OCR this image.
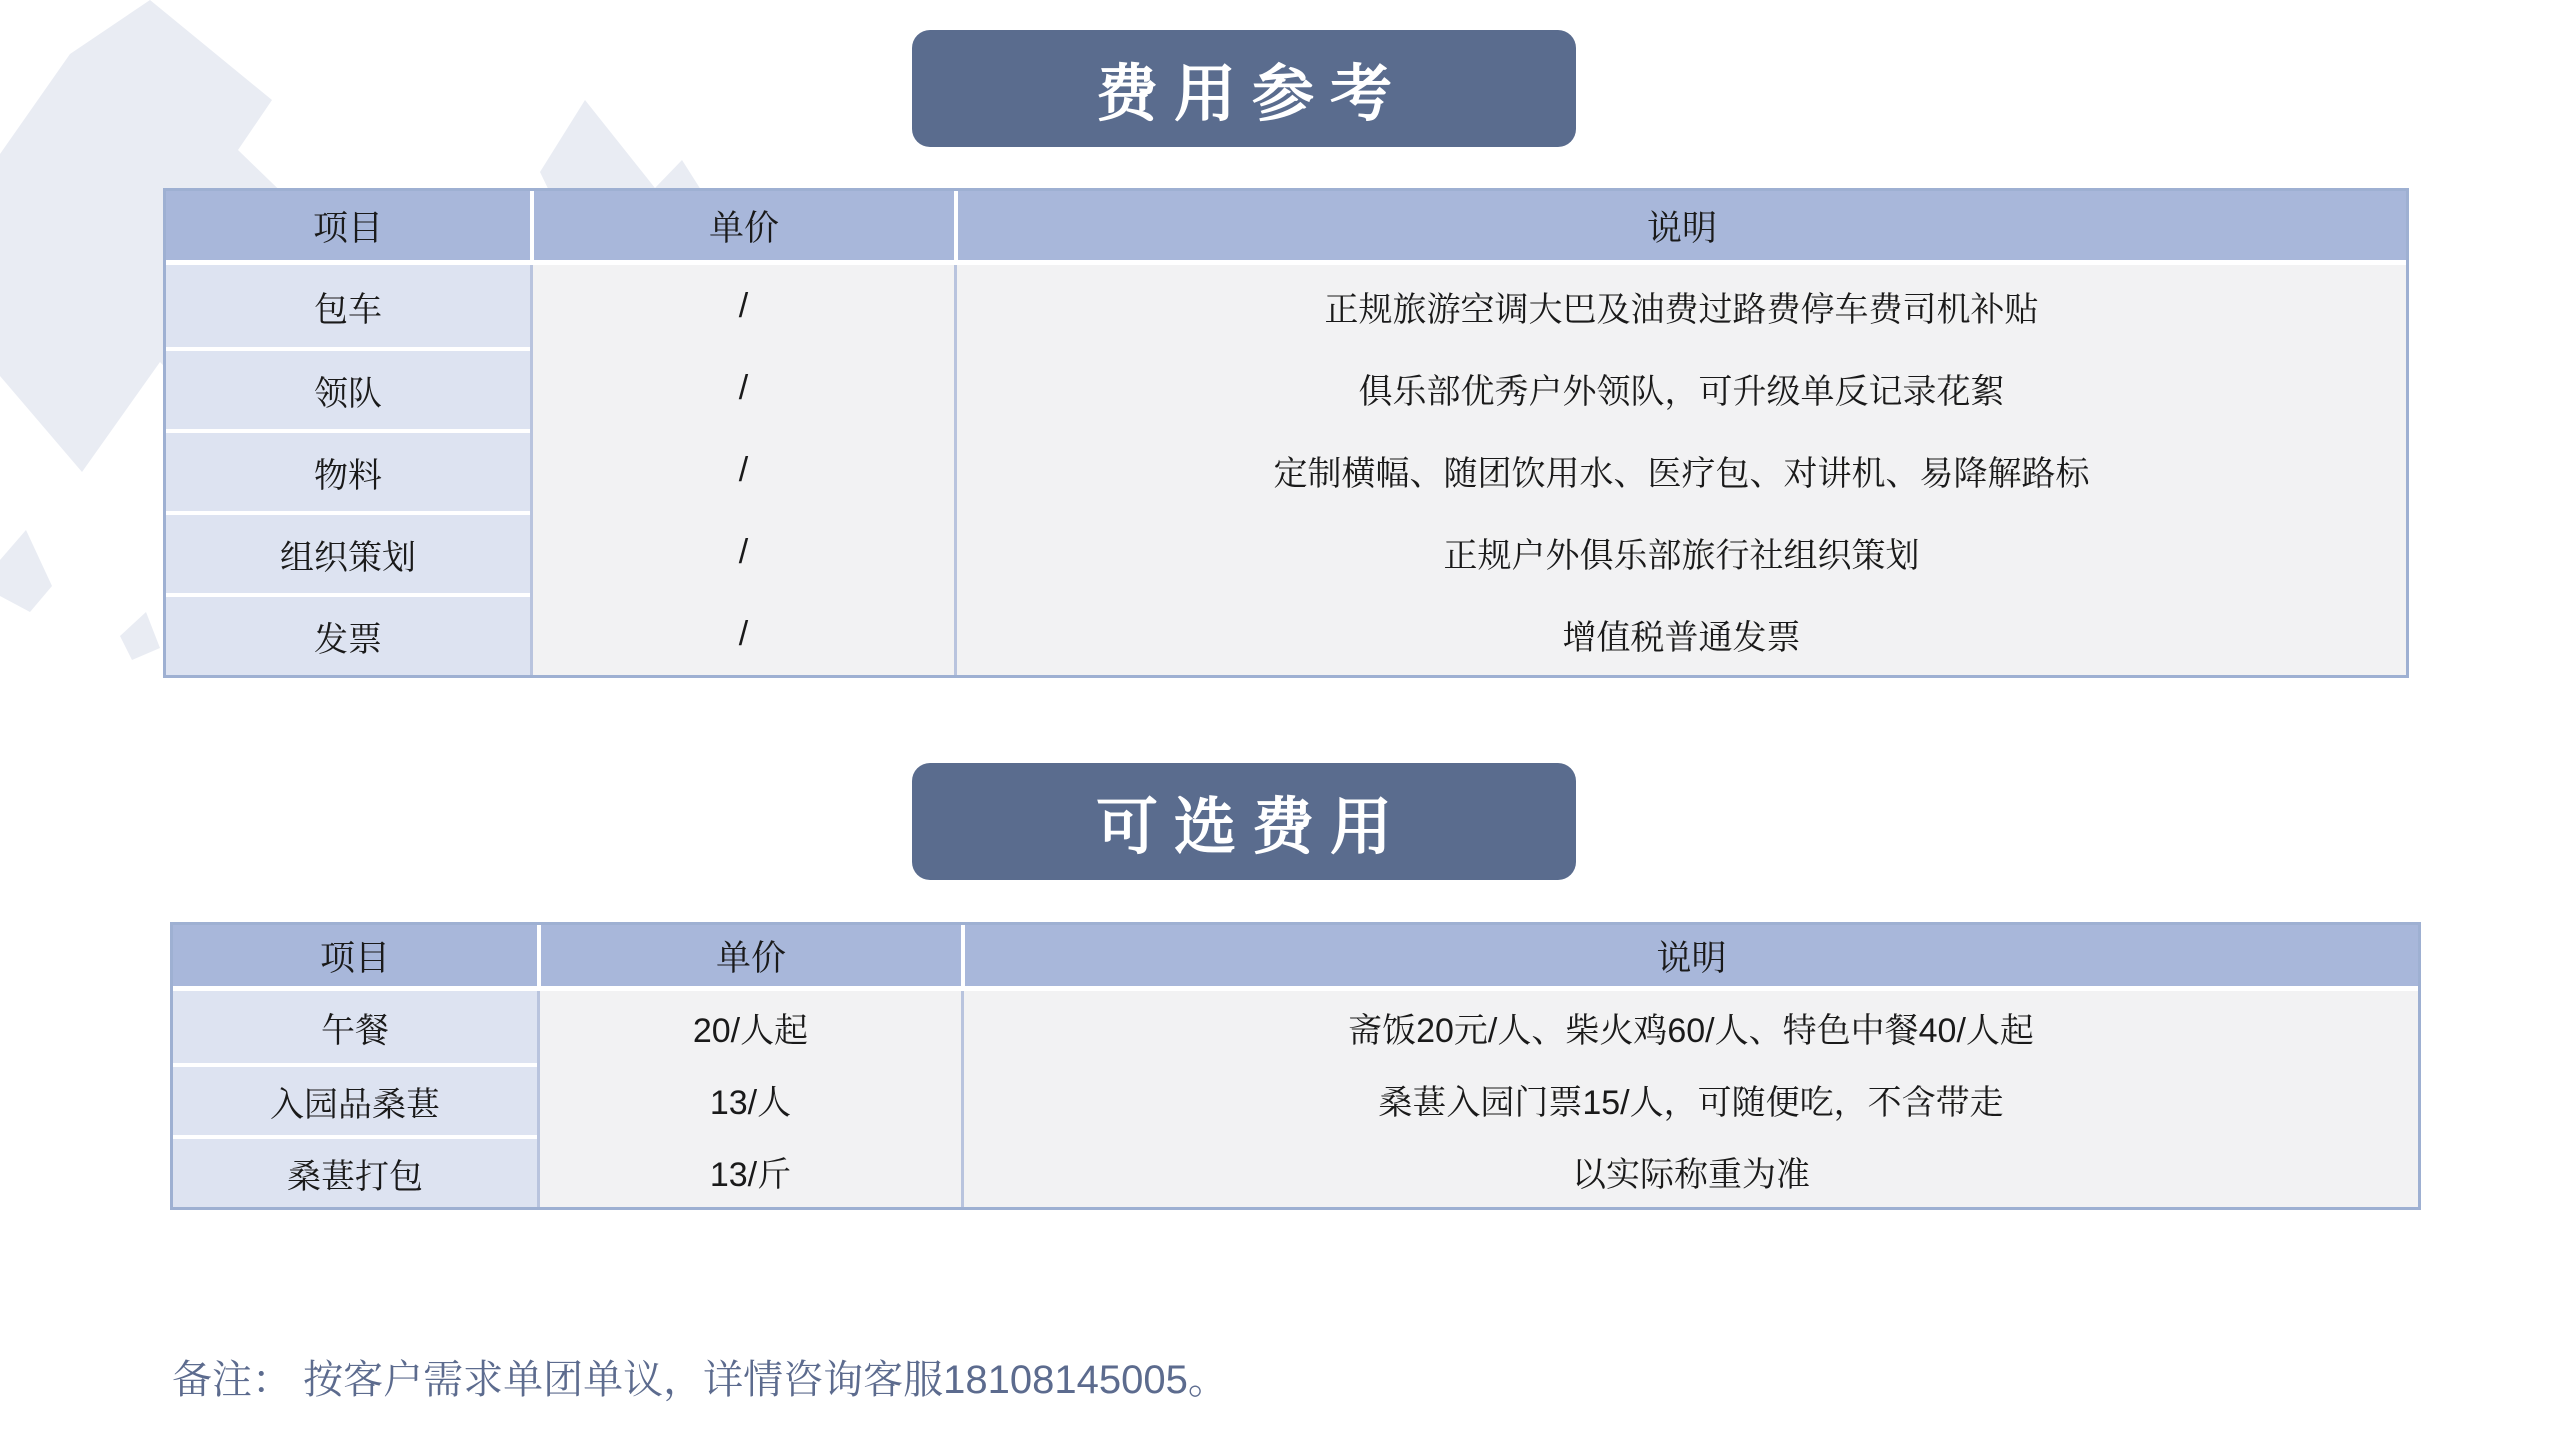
费用参考
项目	单价	说明
包车	/	正规旅游空调大巴及油费过路费停车费司机补贴
领队	/	俱乐部优秀户外领队，可升级单反记录花絮
物料	/	定制横幅、随团饮用水、医疗包、对讲机、易降解路标
组织策划	/	正规户外俱乐部旅行社组织策划
发票	/	增值税普通发票
可选费用
项目	单价	说明
午餐	20/人起	斋饭20元/人、柴火鸡60/人、特色中餐40/人起
入园品桑葚	13/人	桑葚入园门票15/人，可随便吃，不含带走
桑葚打包	13/斤	以实际称重为准
备注： 按客户需求单团单议，详情咨询客服18108145005。
